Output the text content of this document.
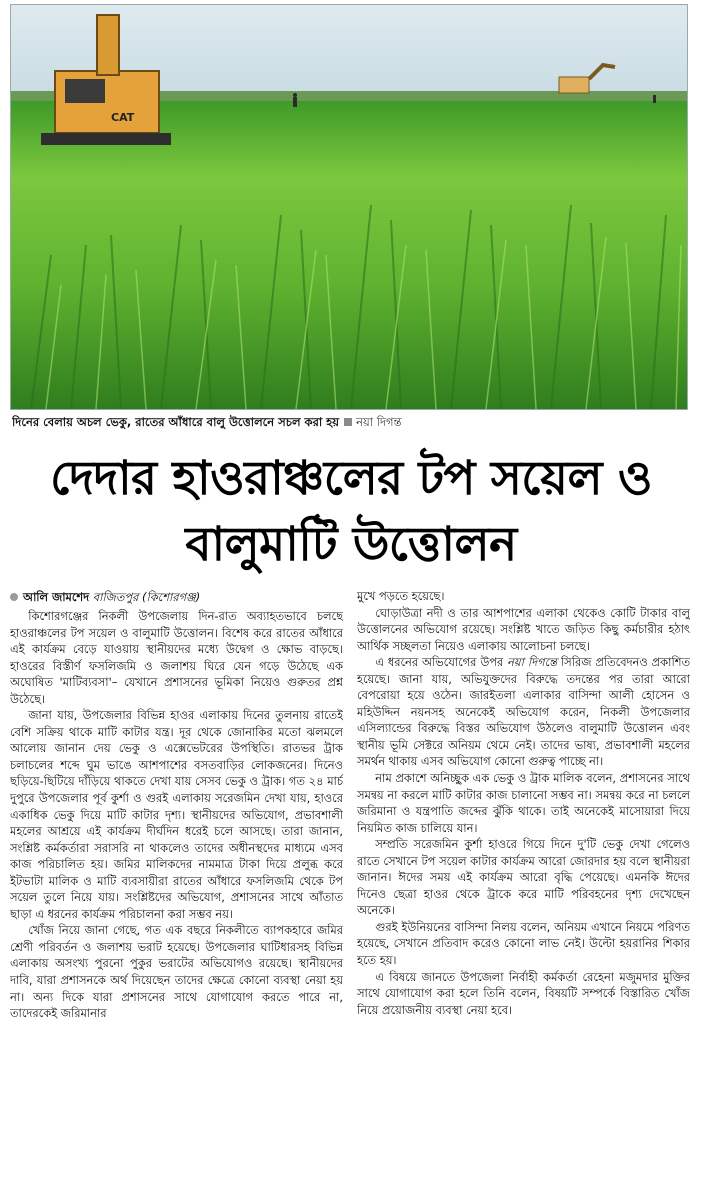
CAT
দিনের বেলায় অচল ভেকু, রাতের আঁধারে বালু উত্তোলনে সচল করা হয় নয়া দিগন্ত
দেদার হাওরাঞ্চলের টপ সয়েল ও
বালুমাটি উত্তোলন
আলি জামশেদ বাজিতপুর (কিশোরগঞ্জ)

কিশোরগঞ্জের নিকলী উপজেলায় দিন-রাত অব্যাহতভাবে চলছে হাওরাঞ্চলের টপ সয়েল ও বালুমাটি উত্তোলন। বিশেষ করে রাতের আঁধারে এই কার্যক্রম বেড়ে যাওয়ায় স্থানীয়দের মধ্যে উদ্বেগ ও ক্ষোভ বাড়ছে। হাওরের বিস্তীর্ণ ফসলিজমি ও জলাশয় ঘিরে যেন গড়ে উঠেছে এক অঘোষিত 'মাটিব্যবসা'– যেখানে প্রশাসনের ভূমিকা নিয়েও গুরুতর প্রশ্ন উঠেছে।

জানা যায়, উপজেলার বিভিন্ন হাওর এলাকায় দিনের তুলনায় রাতেই বেশি সক্রিয় থাকে মাটি কাটার যন্ত্র। দূর থেকে জোনাকির মতো ঝলমলে আলোয় জানান দেয় ভেকু ও এক্সেভেটরের উপস্থিতি। রাতভর ট্রাক চলাচলের শব্দে ঘুম ভাঙে আশপাশের বসতবাড়ির লোকজনের। দিনেও ছড়িয়ে-ছিটিয়ে দাঁড়িয়ে থাকতে দেখা যায় সেসব ভেকু ও ট্রাক। গত ২৪ মার্চ দুপুরে উপজেলার পূর্ব কুর্শা ও গুরই এলাকায় সরেজমিন দেখা যায়, হাওরে একাধিক ভেকু দিয়ে মাটি কাটার দৃশ্য। স্থানীয়দের অভিযোগ, প্রভাবশালী মহলের আশ্রয়ে এই কার্যক্রম দীর্ঘদিন ধরেই চলে আসছে। তারা জানান, সংশ্লিষ্ট কর্মকর্তারা সরাসরি না থাকলেও তাদের অধীনস্থদের মাধ্যমে এসব কাজ পরিচালিত হয়। জমির মালিকদের নামমাত্র টাকা দিয়ে প্রলুব্ধ করে ইটভাটা মালিক ও মাটি ব্যবসায়ীরা রাতের আঁধারে ফসলিজমি থেকে টপ সয়েল তুলে নিয়ে যায়। সংশ্লিষ্টদের অভিযোগ, প্রশাসনের সাথে আঁতাত ছাড়া এ ধরনের কার্যক্রম পরিচালনা করা সম্ভব নয়।

খোঁজ নিয়ে জানা গেছে, গত এক বছরে নিকলীতে ব্যাপকহারে জমির শ্রেণী পরিবর্তন ও জলাশয় ভরাট হয়েছে। উপজেলার ঘাটিধারসহ বিভিন্ন এলাকায় অসংখ্য পুরনো পুকুর ভরাটের অভিযোগও রয়েছে। স্থানীয়দের দাবি, যারা প্রশাসনকে অর্থ দিয়েছেন তাদের ক্ষেত্রে কোনো ব্যবস্থা নেয়া হয় না। অন্য দিকে যারা প্রশাসনের সাথে যোগাযোগ করতে পারে না, তাদেরকেই জরিমানার

মুখে পড়তে হয়েছে।

ঘোড়াউত্রা নদী ও তার আশপাশের এলাকা থেকেও কোটি টাকার বালু উত্তোলনের অভিযোগ রয়েছে। সংশ্লিষ্ট খাতে জড়িত কিছু কর্মচারীর হঠাৎ আর্থিক সচ্ছলতা নিয়েও এলাকায় আলোচনা চলছে।

এ ধরনের অভিযোগের উপর নয়া দিগন্তে সিরিজ প্রতিবেদনও প্রকাশিত হয়েছে। জানা যায়, অভিযুক্তদের বিরুদ্ধে তদন্তের পর তারা আরো বেপরোয়া হয়ে ওঠেন। জারইতলা এলাকার বাসিন্দা আলী হোসেন ও মহিউদ্দিন নয়নসহ অনেকেই অভিযোগ করেন, নিকলী উপজেলার এসিল্যান্ডের বিরুদ্ধে বিস্তর অভিযোগ উঠলেও বালুমাটি উত্তোলন এবং স্থানীয় ভূমি সেক্টরে অনিয়ম থেমে নেই। তাদের ভাষ্য, প্রভাবশালী মহলের সমর্থন থাকায় এসব অভিযোগ কোনো গুরুত্ব পাচ্ছে না।

নাম প্রকাশে অনিচ্ছুক এক ভেকু ও ট্রাক মালিক বলেন, প্রশাসনের সাথে সমন্বয় না করলে মাটি কাটার কাজ চালানো সম্ভব না। সমন্বয় করে না চললে জরিমানা ও যন্ত্রপাতি জব্দের ঝুঁকি থাকে। তাই অনেকেই মাসোয়ারা দিয়ে নিয়মিত কাজ চালিয়ে যান।

সম্প্রতি সরেজমিন কুর্শা হাওরে গিয়ে দিনে দু'টি ভেকু দেখা গেলেও রাতে সেখানে টপ সয়েল কাটার কার্যক্রম আরো জোরদার হয় বলে স্থানীয়রা জানান। ঈদের সময় এই কার্যক্রম আরো বৃদ্ধি পেয়েছে। এমনকি ঈদের দিনেও ছেত্রা হাওর থেকে ট্রাকে করে মাটি পরিবহনের দৃশ্য দেখেছেন অনেকে।

গুরই ইউনিয়নের বাসিন্দা নিলয় বলেন, অনিয়ম এখানে নিয়মে পরিণত হয়েছে, সেখানে প্রতিবাদ করেও কোনো লাভ নেই। উল্টো হয়রানির শিকার হতে হয়।

এ বিষয়ে জানতে উপজেলা নির্বাহী কর্মকর্তা রেহেনা মজুমদার মুক্তির সাথে যোগাযোগ করা হলে তিনি বলেন, বিষয়টি সম্পর্কে বিস্তারিত খোঁজ নিয়ে প্রয়োজনীয় ব্যবস্থা নেয়া হবে।
